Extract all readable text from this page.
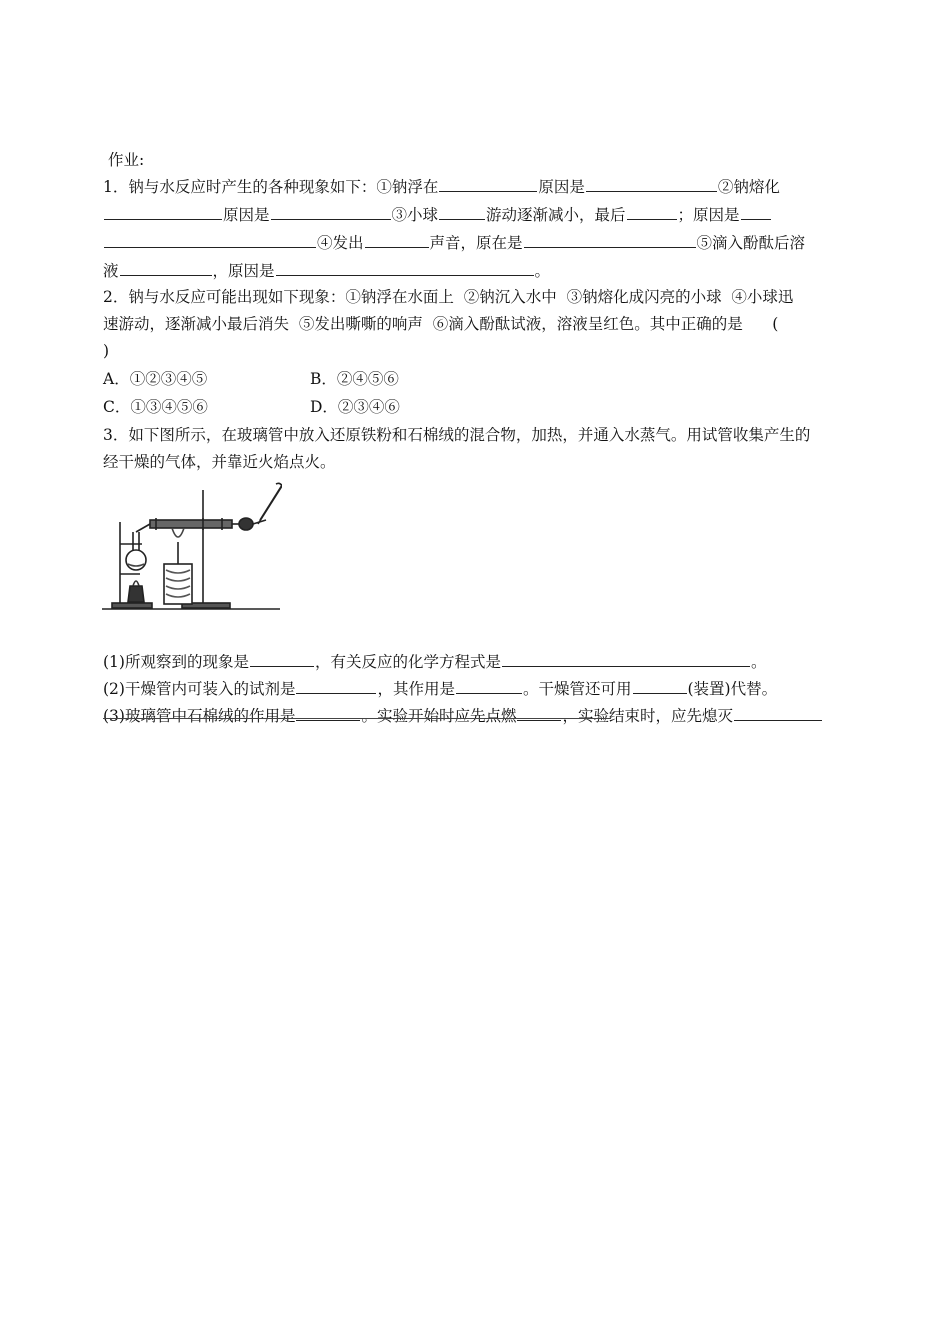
作业:
1．钠与水反应时产生的各种现象如下：①钠浮在	原因是	②钠熔化
原因是	③小球	游动逐渐减小，最后	；原因是
④发出	声音，原在是	⑤滴入酚酞后溶
液	，原因是	。
2．钠与水反应可能出现如下现象：①钠浮在水面上  ②钠沉入水中  ③钠熔化成闪亮的小球  ④小球迅
速游动，逐渐减小最后消失  ⑤发出嘶嘶的响声  ⑥滴入酚酞试液，溶液呈红色。其中正确的是      (
)
A．①②③④⑤	B．②④⑤⑥
C．①③④⑤⑥	D．②③④⑥
3．如下图所示，在玻璃管中放入还原铁粉和石棉绒的混合物，加热，并通入水蒸气。用试管收集产生的
经干燥的气体，并靠近火焰点火。
(1)所观察到的现象是	，有关反应的化学方程式是	。
(2)干燥管内可装入的试剂是	，其作用是	。干燥管还可用	(装置)代替。
(3)玻璃管中石棉绒的作用是	。实验开始时应先点燃	，实验结束时，应先熄灭
